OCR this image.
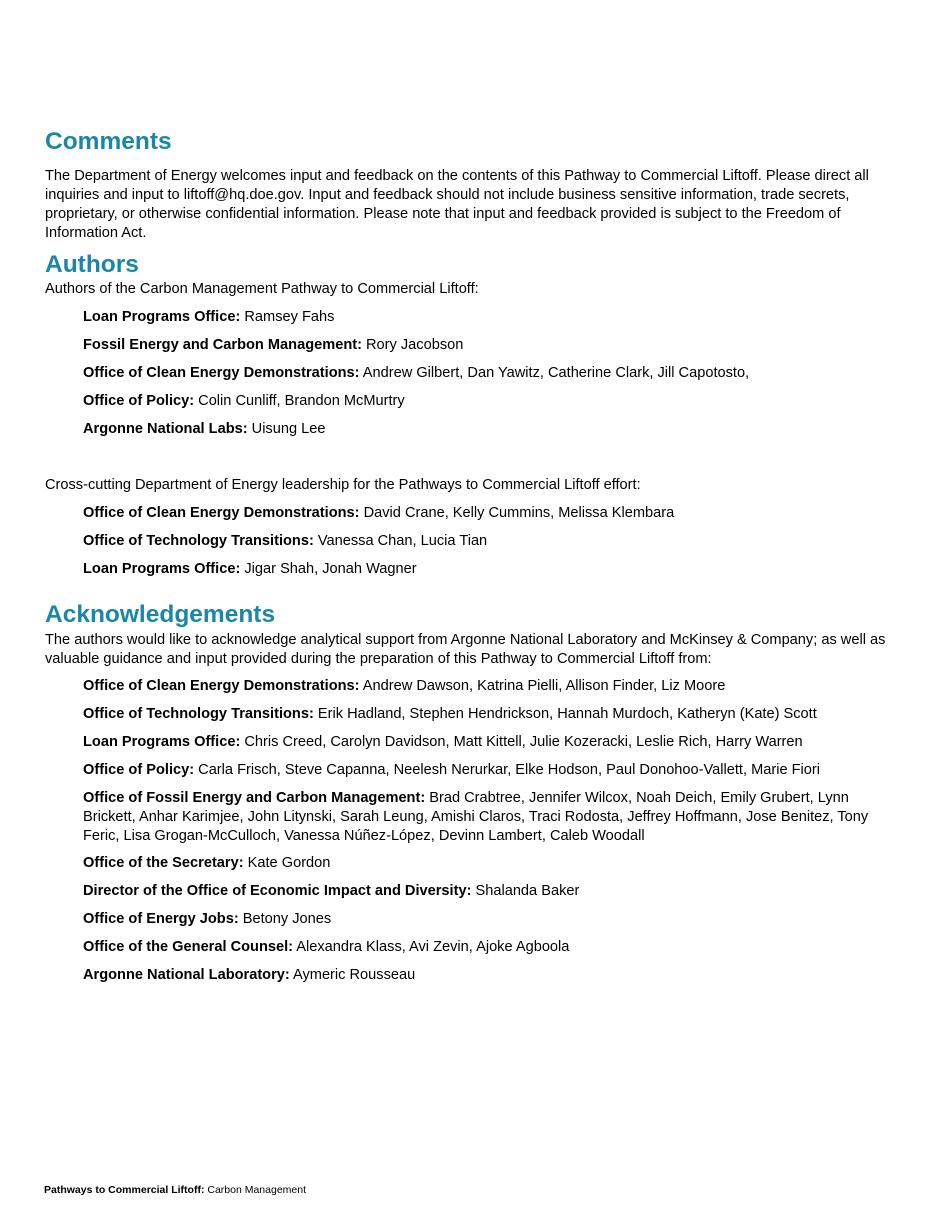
Comments

The Department of Energy welcomes input and feedback on the contents of this Pathway to Commercial Liftoff. Please direct all inquiries and input to liftoff@hq.doe.gov. Input and feedback should not include business sensitive information, trade secrets, proprietary, or otherwise confidential information. Please note that input and feedback provided is subject to the Freedom of Information Act.

Authors

Authors of the Carbon Management Pathway to Commercial Liftoff:

Loan Programs Office: Ramsey Fahs
Fossil Energy and Carbon Management: Rory Jacobson
Office of Clean Energy Demonstrations: Andrew Gilbert, Dan Yawitz, Catherine Clark, Jill Capotosto,
Office of Policy: Colin Cunliff, Brandon McMurtry
Argonne National Labs: Uisung Lee

Cross-cutting Department of Energy leadership for the Pathways to Commercial Liftoff effort:

Office of Clean Energy Demonstrations: David Crane, Kelly Cummins, Melissa Klembara
Office of Technology Transitions: Vanessa Chan, Lucia Tian
Loan Programs Office: Jigar Shah, Jonah Wagner
Acknowledgements

The authors would like to acknowledge analytical support from Argonne National Laboratory and McKinsey & Company; as well as valuable guidance and input provided during the preparation of this Pathway to Commercial Liftoff from:

Office of Clean Energy Demonstrations: Andrew Dawson, Katrina Pielli, Allison Finder, Liz Moore
Office of Technology Transitions: Erik Hadland, Stephen Hendrickson, Hannah Murdoch, Katheryn (Kate) Scott
Loan Programs Office: Chris Creed, Carolyn Davidson, Matt Kittell, Julie Kozeracki, Leslie Rich, Harry Warren
Office of Policy: Carla Frisch, Steve Capanna, Neelesh Nerurkar, Elke Hodson, Paul Donohoo-Vallett, Marie Fiori
Office of Fossil Energy and Carbon Management: Brad Crabtree, Jennifer Wilcox, Noah Deich, Emily Grubert, Lynn Brickett, Anhar Karimjee, John Litynski, Sarah Leung, Amishi Claros, Traci Rodosta, Jeffrey Hoffmann, Jose Benitez, Tony Feric, Lisa Grogan-McCulloch, Vanessa Núñez-López, Devinn Lambert, Caleb Woodall
Office of the Secretary: Kate Gordon
Director of the Office of Economic Impact and Diversity: Shalanda Baker
Office of Energy Jobs: Betony Jones
Office of the General Counsel: Alexandra Klass, Avi Zevin, Ajoke Agboola
Argonne National Laboratory: Aymeric Rousseau
Pathways to Commercial Liftoff: Carbon Management
